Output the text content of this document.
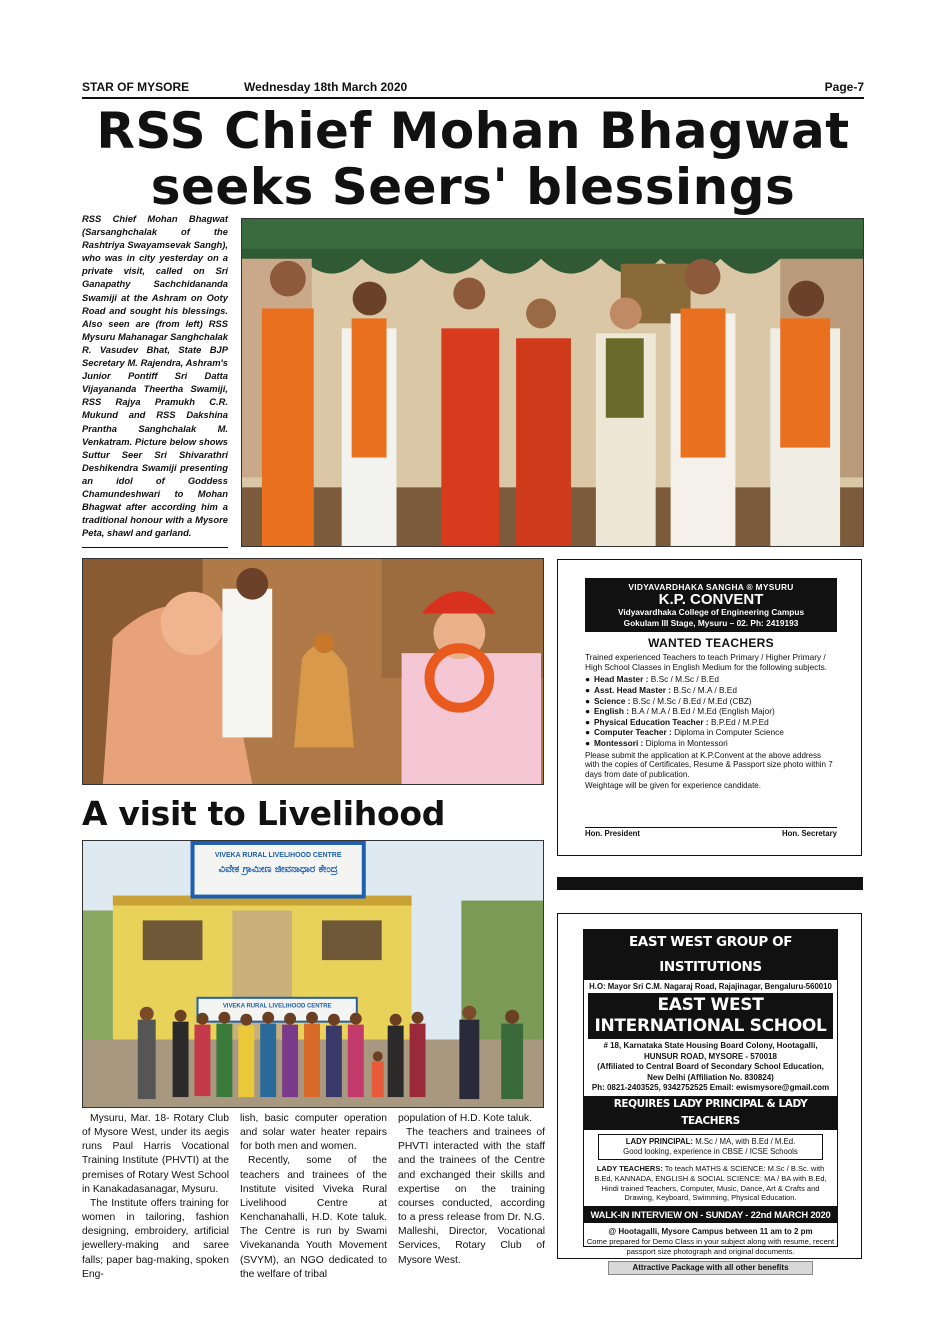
STAR OF MYSORE	Wednesday 18th March 2020	Page-7
RSS Chief Mohan Bhagwat
seeks Seers' blessings
RSS Chief Mohan Bhagwat (Sarsanghchalak of the Rashtriya Swayamsevak Sangh), who was in city yesterday on a private visit, called on Sri Ganapathy Sachchidananda Swamiji at the Ashram on Ooty Road and sought his blessings. Also seen are (from left) RSS Mysuru Mahanagar Sanghchalak R. Vasudev Bhat, State BJP Secretary M. Rajendra, Ashram's Junior Pontiff Sri Datta Vijayananda Theertha Swamiji, RSS Rajya Pramukh C.R. Mukund and RSS Dakshina Prantha Sanghchalak M. Venkatram. Picture below shows Suttur Seer Sri Shivarathri Deshikendra Swamiji presenting an idol of Goddess Chamundeshwari to Mohan Bhagwat after according him a traditional honour with a Mysore Peta, shawl and garland.
A visit to Livelihood
VIVEKA RURAL LIVELIHOOD CENTRE
ವಿವೇಕ ಗ್ರಾಮೀಣ ಜೀವನಾಧಾರ ಕೇಂದ್ರ
VIVEKA RURAL LIVELIHOOD CENTRE

Mysuru, Mar. 18- Rotary Club of Mysore West, under its aegis runs Paul Harris Vocational Training Institute (PHVTI) at the premises of Rotary West School in Kanakadasanagar, Mysuru.

The Institute offers training for women in tailoring, fashion designing, embroidery, artificial jewellery-making and saree falls; paper bag-making, spoken Eng-

lish, basic computer operation and solar water heater repairs for both men and women.

Recently, some of the teachers and trainees of the Institute visited Viveka Rural Livelihood Centre at Kenchanahalli, H.D. Kote taluk. The Centre is run by Swami Vivekananda Youth Movement (SVYM), an NGO dedicated to the welfare of tribal

population of H.D. Kote taluk.

The teachers and trainees of PHVTI interacted with the staff and the trainees of the Centre and exchanged their skills and expertise on the training courses conducted, according to a press release from Dr. N.G. Malleshi, Director, Vocational Services, Rotary Club of Mysore West.

VIDYAVARDHAKA SANGHA ® MYSURU
K.P. CONVENT
Vidyavardhaka College of Engineering Campus
Gokulam III Stage, Mysuru – 02. Ph: 2419193
WANTED TEACHERS
Trained experienced Teachers to teach Primary / Higher Primary / High School Classes in English Medium for the following subjects.
● Head Master : B.Sc / M.Sc / B.Ed
● Asst. Head Master : B.Sc / M.A / B.Ed
● Science : B.Sc / M.Sc / B.Ed / M.Ed (CBZ)
● English : B.A / M.A / B.Ed / M.Ed (English Major)
● Physical Education Teacher : B.P.Ed / M.P.Ed
● Computer Teacher : Diploma in Computer Science
● Montessori : Diploma in Montessori
Please submit the application at K.P.Convent at the above address with the copies of Certificates, Resume & Passport size photo within 7 days from date of publication.
Weightage will be given for experience candidate.
Hon. President	Hon. Secretary
EAST WEST GROUP OF INSTITUTIONS
H.O: Mayor Sri C.M. Nagaraj Road, Rajajinagar, Bengaluru-560010
EAST WEST
INTERNATIONAL SCHOOL
# 18, Karnataka State Housing Board Colony, Hootagalli,
HUNSUR ROAD, MYSORE - 570018
(Affiliated to Central Board of Secondary School Education,
New Delhi (Affiliation No. 830824)
Ph: 0821-2403525, 9342752525 Email: ewismysore@gmail.com
REQUIRES LADY PRINCIPAL & LADY TEACHERS
LADY PRINCIPAL: M.Sc / MA, with B.Ed / M.Ed.
Good looking, experience in CBSE / ICSE Schools
LADY TEACHERS: To teach MATHS & SCIENCE: M.Sc / B.Sc. with B.Ed, KANNADA, ENGLISH & SOCIAL SCIENCE: MA / BA with B.Ed, Hindi trained Teachers, Computer, Music, Dance, Art & Crafts and Drawing, Keyboard, Swimming, Physical Education.
WALK-IN INTERVIEW ON - SUNDAY - 22nd MARCH 2020
@ Hootagalli, Mysore Campus between 11 am to 2 pm
Come prepared for Demo Class in your subject along with resume, recent passport size photograph and original documents.
Attractive Package with all other benefits
